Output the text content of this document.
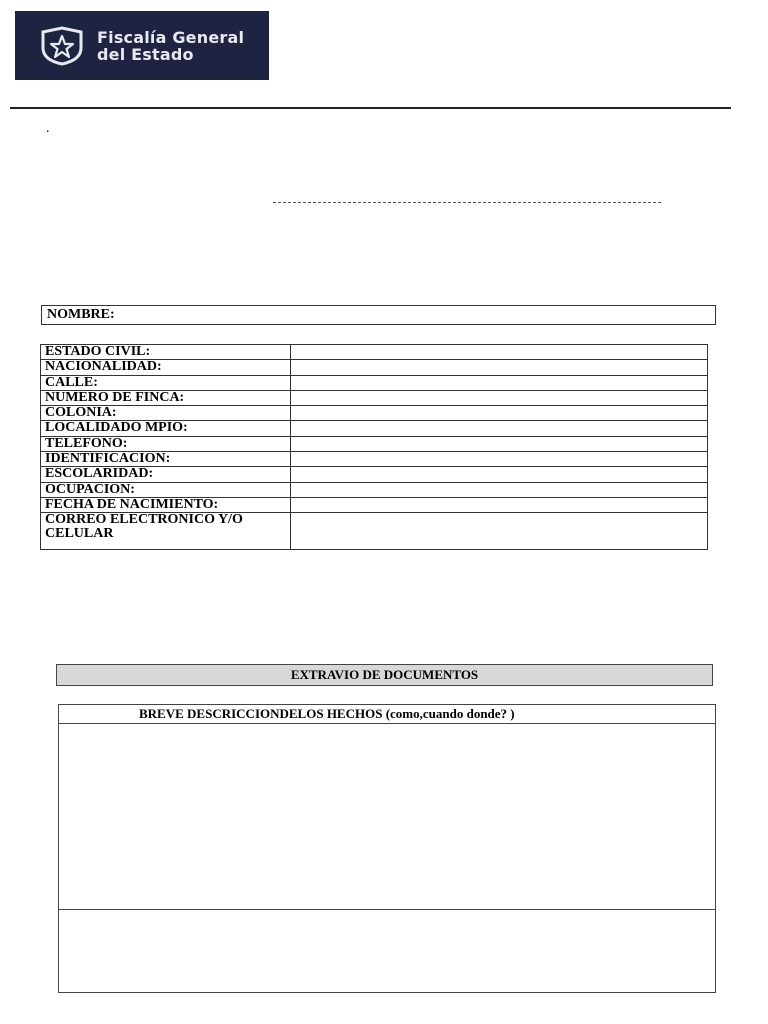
Fiscalía General
del Estado
.
NOMBRE:
ESTADO CIVIL:	
NACIONALIDAD:	
CALLE:	
NUMERO DE FINCA:	
COLONIA:	
LOCALIDADO MPIO:	
TELEFONO:	
IDENTIFICACION:	
ESCOLARIDAD:	
OCUPACION:	
FECHA DE NACIMIENTO:	

CORREO ELECTRONICO Y/O
CELULAR	

EXTRAVIO DE DOCUMENTOS
BREVE DESCRICCIONDELOS HECHOS (como,cuando donde? )
